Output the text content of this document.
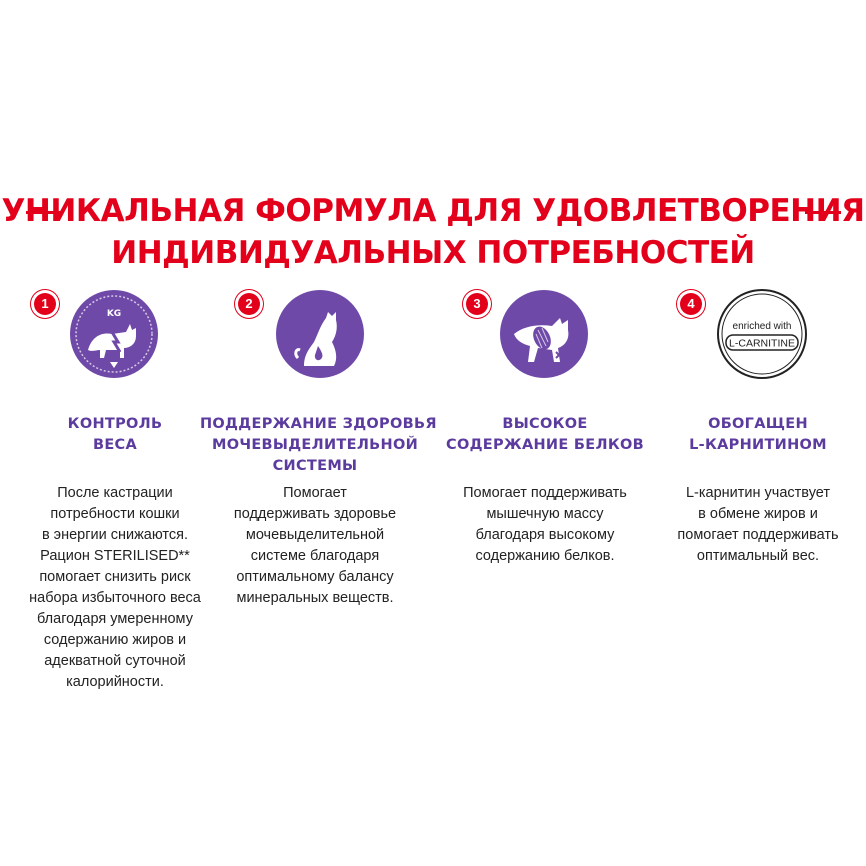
УНИКАЛЬНАЯ ФОРМУЛА ДЛЯ УДОВЛЕТВОРЕНИЯ
ИНДИВИДУАЛЬНЫХ ПОТРЕБНОСТЕЙ
1
KG
КОНТРОЛЬ
ВЕСА
После кастрации
потребности кошки
в энергии снижаются.
Рацион STERILISED**
помогает снизить риск
набора избыточного веса
благодаря умеренному
содержанию жиров и
адекватной суточной
калорийности.
2
ПОДДЕРЖАНИЕ ЗДОРОВЬЯ
МОЧЕВЫДЕЛИТЕЛЬНОЙ
СИСТЕМЫ
Помогает
поддерживать здоровье
мочевыделительной
системе благодаря
оптимальному балансу
минеральных веществ.
3
ВЫСОКОЕ
СОДЕРЖАНИЕ БЕЛКОВ
Помогает поддерживать
мышечную массу
благодаря высокому
содержанию белков.
4
enriched with
L-CARNITINE
ОБОГАЩЕН
L-КАРНИТИНОМ
L-карнитин участвует
в обмене жиров и
помогает поддерживать
оптимальный вес.
